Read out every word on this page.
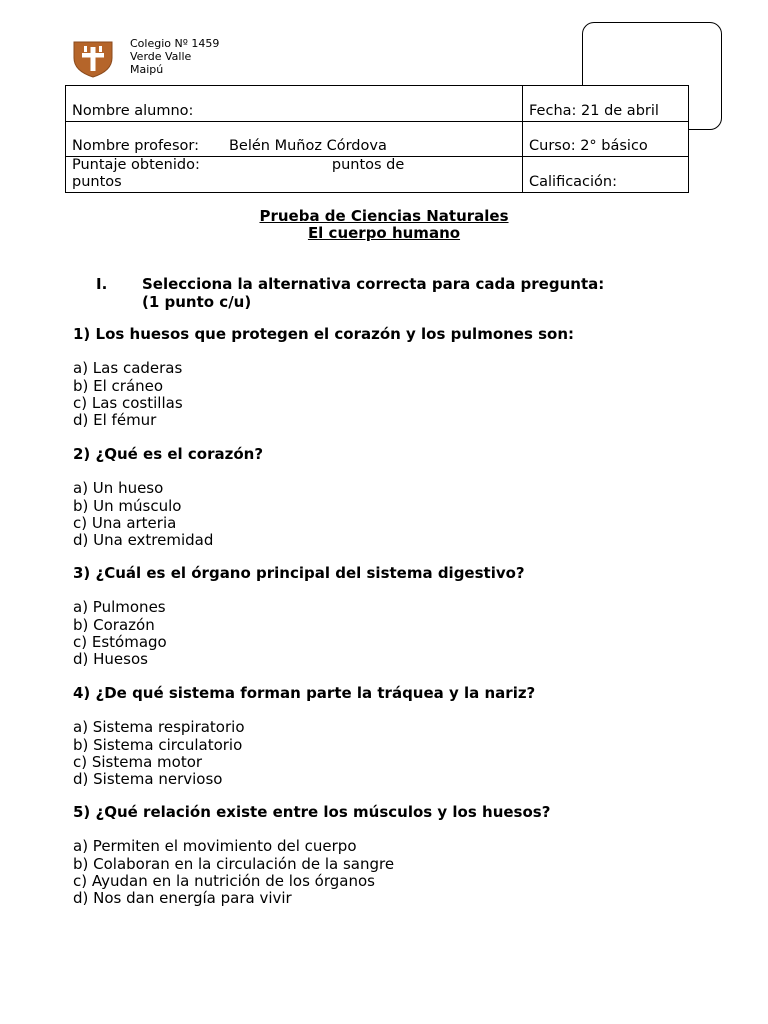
Colegio Nº 1459
Verde Valle
Maipú
Nombre alumno:	Fecha: 21 de abril
Nombre profesor: Belén Muñoz Córdova	Curso: 2° básico
Puntaje obtenido: puntos de
puntos	Calificación:
Prueba de Ciencias Naturales
El cuerpo humano
I. Selecciona la alternativa correcta para cada pregunta:
(1 punto c/u)
1) Los huesos que protegen el corazón y los pulmones son:
a) Las caderas
b) El cráneo
c) Las costillas
d) El fémur
2) ¿Qué es el corazón?
a) Un hueso
b) Un músculo
c) Una arteria
d) Una extremidad
3) ¿Cuál es el órgano principal del sistema digestivo?
a) Pulmones
b) Corazón
c) Estómago
d) Huesos
4) ¿De qué sistema forman parte la tráquea y la nariz?
a) Sistema respiratorio
b) Sistema circulatorio
c) Sistema motor
d) Sistema nervioso
5) ¿Qué relación existe entre los músculos y los huesos?
a) Permiten el movimiento del cuerpo
b) Colaboran en la circulación de la sangre
c) Ayudan en la nutrición de los órganos
d) Nos dan energía para vivir
